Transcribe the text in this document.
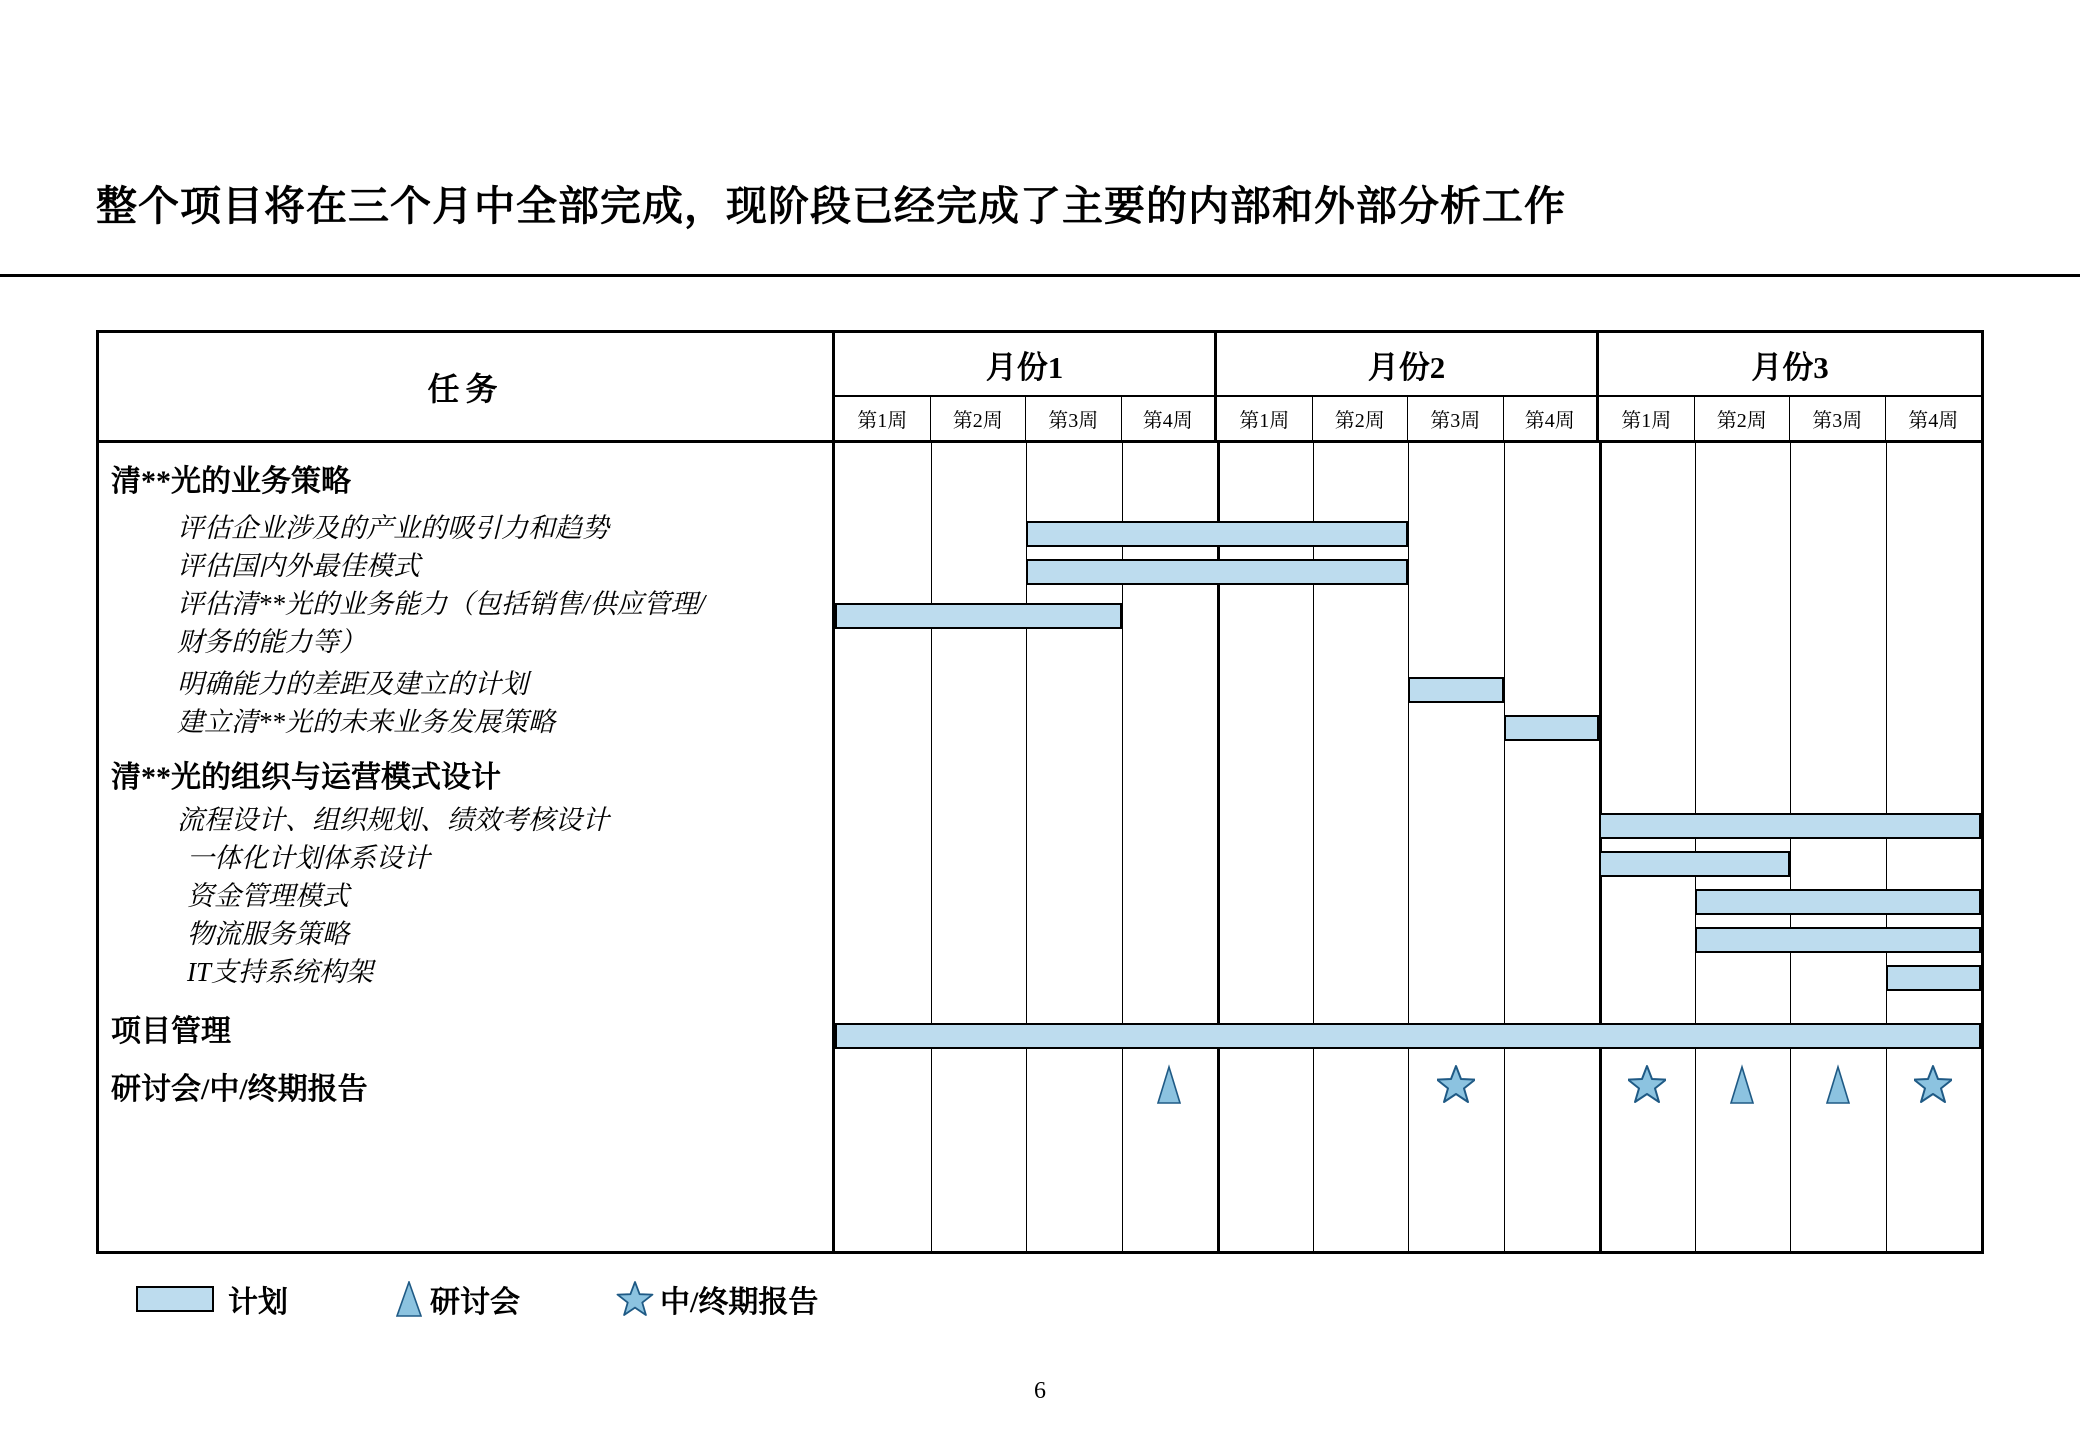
整个项目将在三个月中全部完成，现阶段已经完成了主要的内部和外部分析工作
任务
月份1
第1周	第2周	第3周	第4周
月份2
第1周	第2周	第3周	第4周
月份3
第1周	第2周	第3周	第4周
清**光的业务策略
评估企业涉及的产业的吸引力和趋势
评估国内外最佳模式
评估清**光的业务能力（包括销售/供应管理/
财务的能力等）
明确能力的差距及建立的计划
建立清**光的未来业务发展策略
清**光的组织与运营模式设计
流程设计、组织规划、绩效考核设计
一体化计划体系设计
资金管理模式
物流服务策略
IT支持系统构架
项目管理
研讨会/中/终期报告
计划	研讨会	中/终期报告
6
